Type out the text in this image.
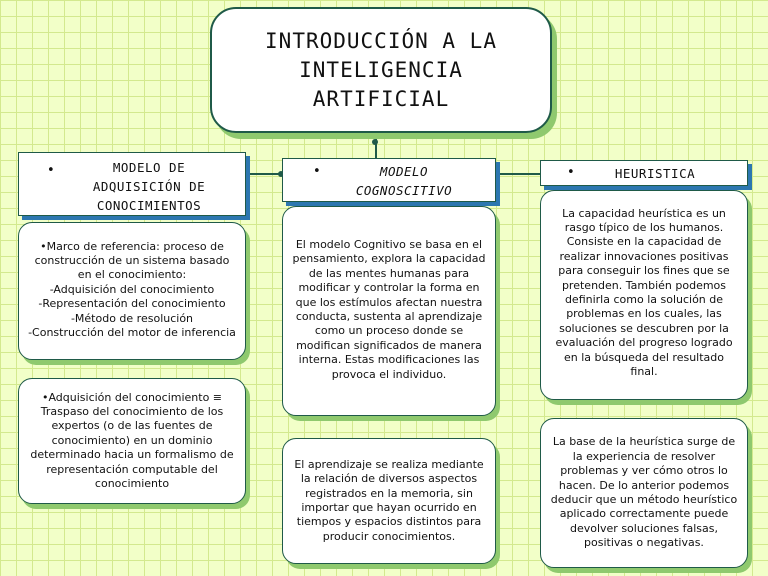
INTRODUCCIÓN A LA INTELIGENCIA ARTIFICIAL
•	MODELO DE ADQUISICIÓN DE CONOCIMIENTOS
•Marco de referencia: proceso de construcción de un sistema basado en el conocimiento:
-Adquisición del conocimiento
-Representación del conocimiento
-Método de resolución
-Construcción del motor de inferencia
•Adquisición del conocimiento ≡ Traspaso del conocimiento de los expertos (o de las fuentes de conocimiento) en un dominio determinado hacia un formalismo de representación computable del conocimiento
•	MODELO COGNOSCITIVO
El modelo Cognitivo se basa en el pensamiento, explora la capacidad de las mentes humanas para modificar y controlar la forma en que los estímulos afectan nuestra conducta, sustenta al aprendizaje como un proceso donde se modifican significados de manera interna. Estas modificaciones las provoca el individuo.
El aprendizaje se realiza mediante la relación de diversos aspectos registrados en la memoria, sin importar que hayan ocurrido en tiempos y espacios distintos para producir conocimientos.
•	HEURISTICA
La capacidad heurística es un rasgo típico de los humanos. Consiste en la capacidad de realizar innovaciones positivas para conseguir los fines que se pretenden. También podemos definirla como la solución de problemas en los cuales, las soluciones se descubren por la evaluación del progreso logrado en la búsqueda del resultado final.
La base de la heurística surge de la experiencia de resolver problemas y ver cómo otros lo hacen. De lo anterior podemos deducir que un método heurístico aplicado correctamente puede devolver soluciones falsas, positivas o negativas.
